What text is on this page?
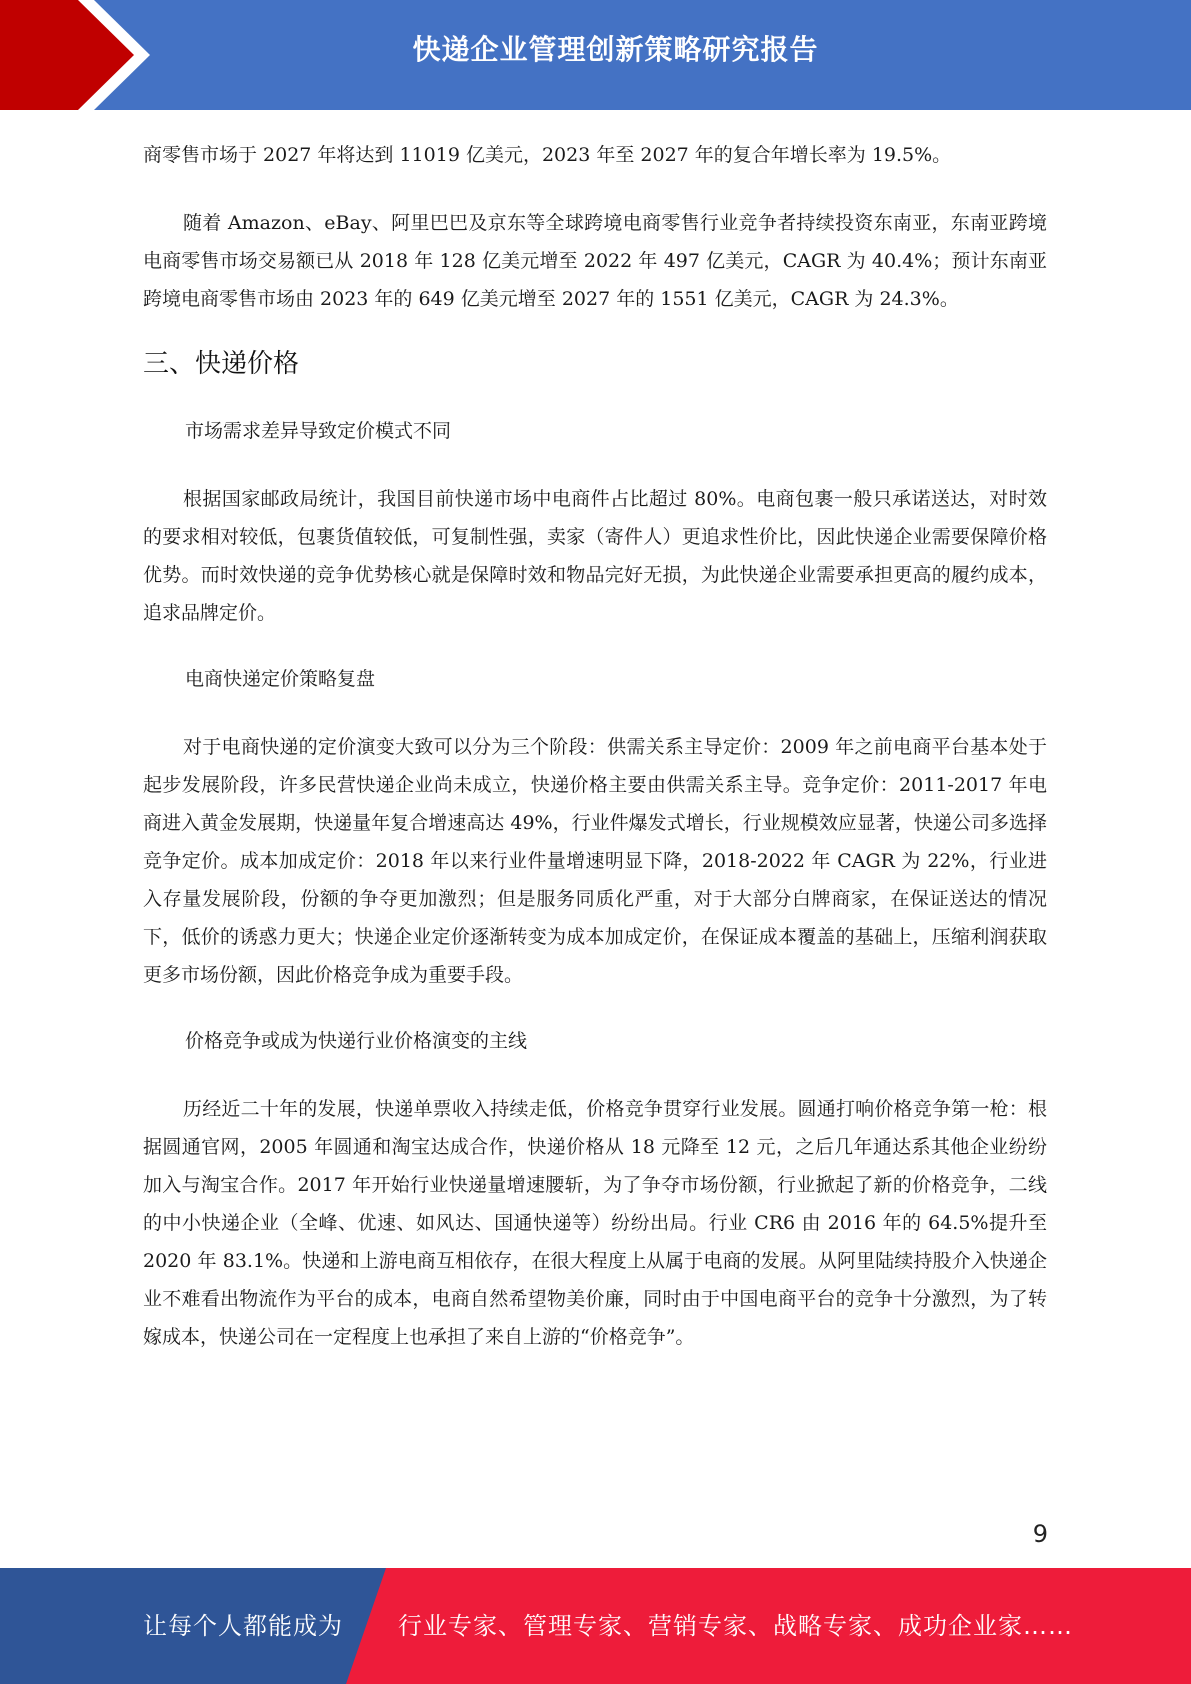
快递企业管理创新策略研究报告

商零售市场于 2027 年将达到 11019 亿美元，2023 年至 2027 年的复合年增长率为 19.5%。

随着 Amazon、eBay、阿里巴巴及京东等全球跨境电商零售行业竞争者持续投资东南亚，东南亚跨境电商零售市场交易额已从 2018 年 128 亿美元增至 2022 年 497 亿美元，CAGR 为 40.4%；预计东南亚跨境电商零售市场由 2023 年的 649 亿美元增至 2027 年的 1551 亿美元，CAGR 为 24.3%。

三、快递价格

市场需求差异导致定价模式不同

根据国家邮政局统计，我国目前快递市场中电商件占比超过 80%。电商包裹一般只承诺送达，对时效的要求相对较低，包裹货值较低，可复制性强，卖家（寄件人）更追求性价比，因此快递企业需要保障价格优势。而时效快递的竞争优势核心就是保障时效和物品完好无损，为此快递企业需要承担更高的履约成本，追求品牌定价。

电商快递定价策略复盘

对于电商快递的定价演变大致可以分为三个阶段：供需关系主导定价：2009 年之前电商平台基本处于起步发展阶段，许多民营快递企业尚未成立，快递价格主要由供需关系主导。竞争定价：2011-2017 年电商进入黄金发展期，快递量年复合增速高达 49%，行业件爆发式增长，行业规模效应显著，快递公司多选择竞争定价。成本加成定价：2018 年以来行业件量增速明显下降，2018-2022 年 CAGR 为 22%，行业进入存量发展阶段，份额的争夺更加激烈；但是服务同质化严重，对于大部分白牌商家，在保证送达的情况下，低价的诱惑力更大；快递企业定价逐渐转变为成本加成定价，在保证成本覆盖的基础上，压缩利润获取更多市场份额，因此价格竞争成为重要手段。

价格竞争或成为快递行业价格演变的主线

历经近二十年的发展，快递单票收入持续走低，价格竞争贯穿行业发展。圆通打响价格竞争第一枪：根据圆通官网，2005 年圆通和淘宝达成合作，快递价格从 18 元降至 12 元，之后几年通达系其他企业纷纷加入与淘宝合作。2017 年开始行业快递量增速腰斩，为了争夺市场份额，行业掀起了新的价格竞争，二线的中小快递企业（全峰、优速、如风达、国通快递等）纷纷出局。行业 CR6 由 2016 年的 64.5%提升至 2020 年 83.1%。快递和上游电商互相依存，在很大程度上从属于电商的发展。从阿里陆续持股介入快递企业不难看出物流作为平台的成本，电商自然希望物美价廉，同时由于中国电商平台的竞争十分激烈，为了转嫁成本，快递公司在一定程度上也承担了来自上游的“价格竞争”。

9
让每个人都能成为 行业专家、管理专家、营销专家、战略专家、成功企业家……
